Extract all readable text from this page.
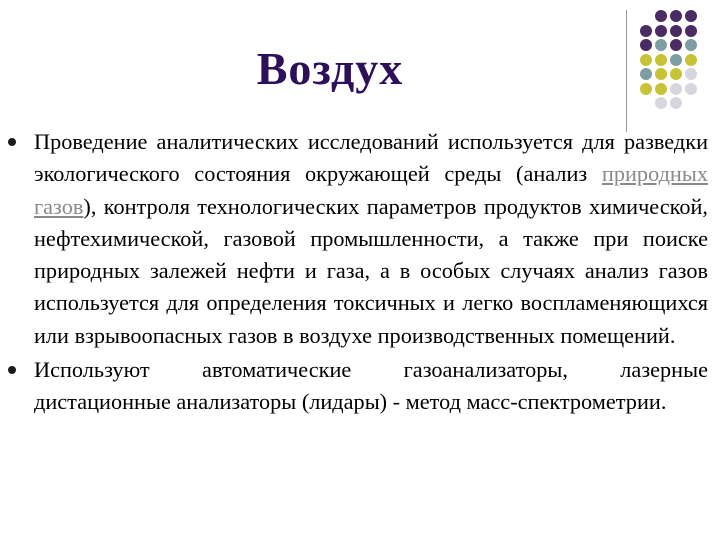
Воздух
Проведение аналитических исследований используется для разведки экологического состояния окружающей среды (анализ природных газов), контроля технологических параметров продуктов химической, нефтехимической, газовой промышленности, а также при поиске природных залежей нефти и газа, а в особых случаях анализ газов используется для определения токсичных и легко воспламеняющихся или взрывоопасных газов в воздухе производственных помещений.
Используют автоматические газоанализаторы, лазерные дистационные анализаторы (лидары) - метод масс-спектрометрии.
